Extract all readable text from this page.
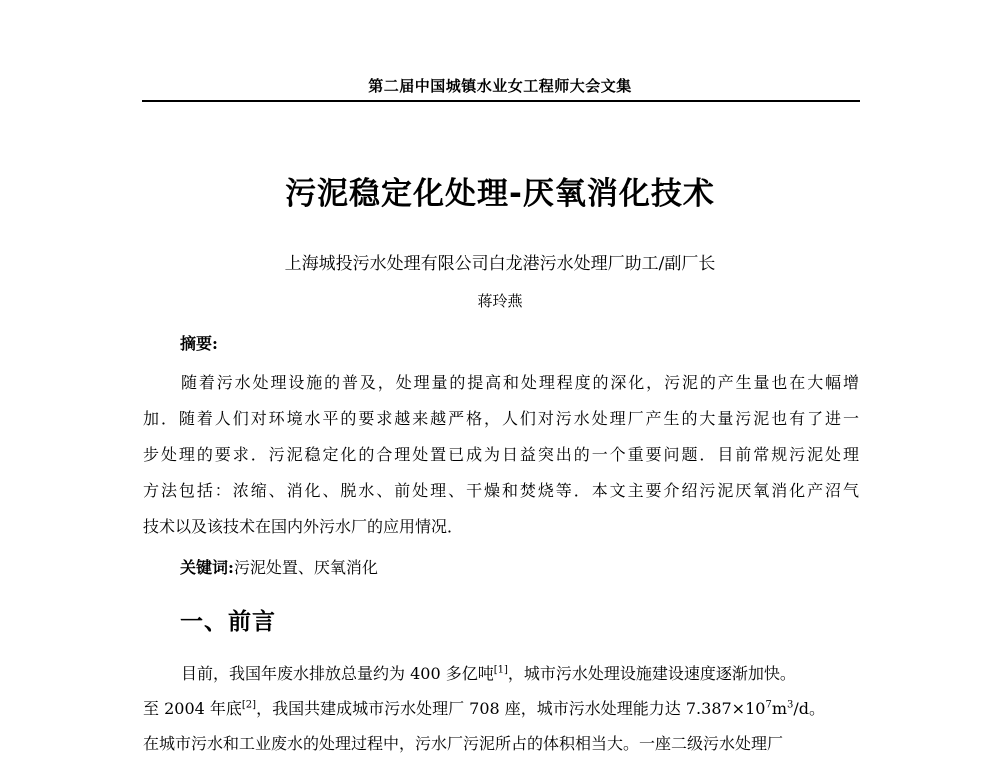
第二届中国城镇水业女工程师大会文集
污泥稳定化处理-厌氧消化技术
上海城投污水处理有限公司白龙港污水处理厂助工/副厂长
蒋玲燕
摘要:
随着污水处理设施的普及，处理量的提高和处理程度的深化，污泥的产生量也在大幅增
加．随着人们对环境水平的要求越来越严格，人们对污水处理厂产生的大量污泥也有了进一
步处理的要求．污泥稳定化的合理处置已成为日益突出的一个重要问题．目前常规污泥处理
方法包括：浓缩、消化、脱水、前处理、干燥和焚烧等．本文主要介绍污泥厌氧消化产沼气
技术以及该技术在国内外污水厂的应用情况．
关键词:污泥处置、厌氧消化
一、前言
目前，我国年废水排放总量约为 400 多亿吨[1]，城市污水处理设施建设速度逐渐加快。
至 2004 年底[2]，我国共建成城市污水处理厂 708 座，城市污水处理能力达 $7.387\times 10^7m^3/d$。
在城市污水和工业废水的处理过程中，污水厂污泥所占的体积相当大。一座二级污水处理厂
